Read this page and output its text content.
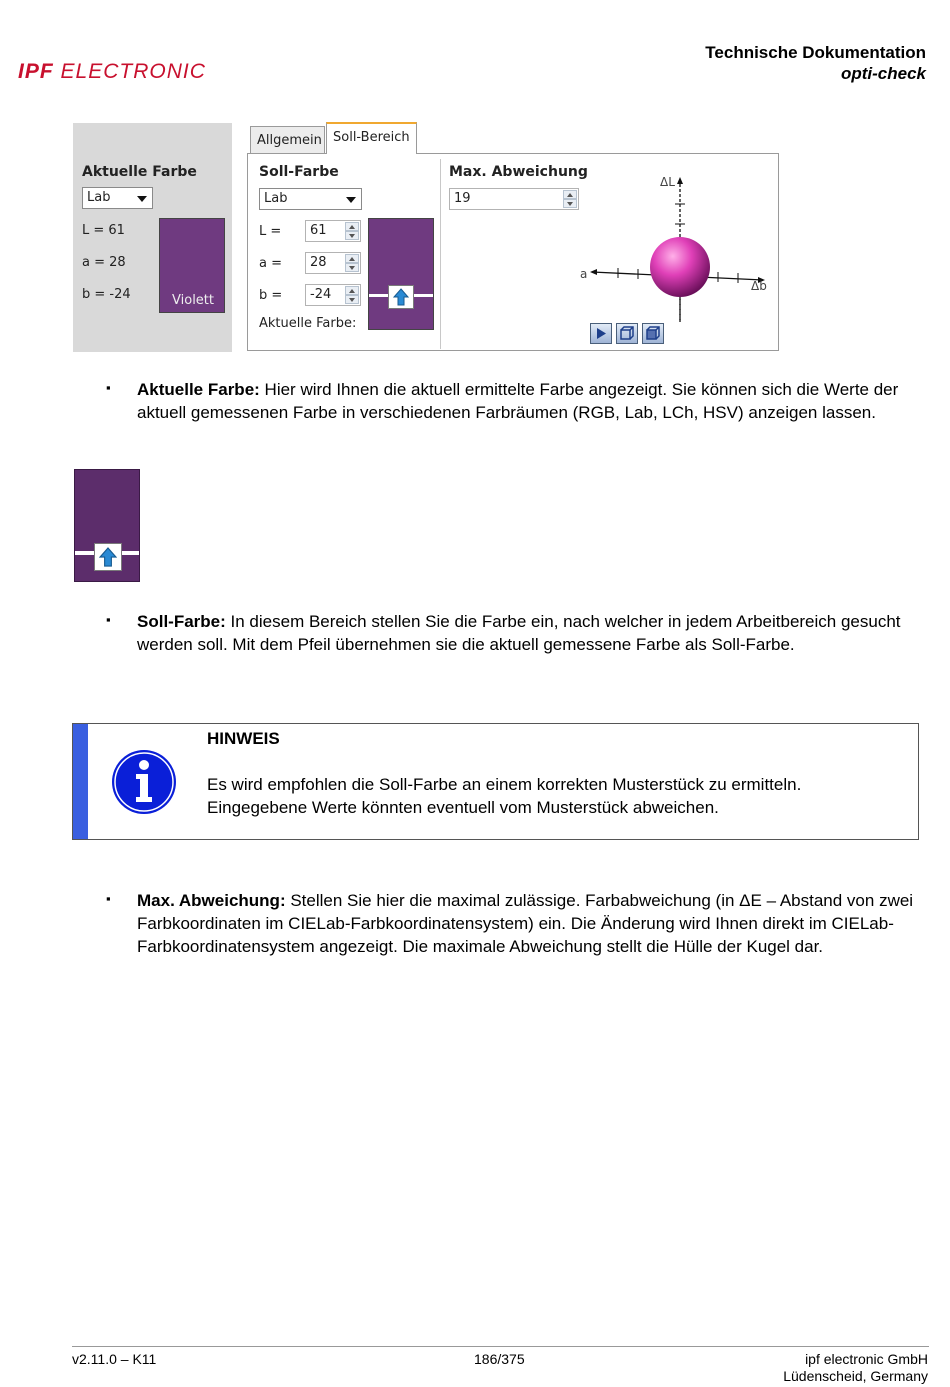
IPF ELECTRONIC
Technische Dokumentation
opti-check
Aktuelle Farbe
Lab
L = 61
a = 28
b = -24	Violett
Allgemein Soll-Bereich
Soll-Farbe
Lab
L =	61
a =	28
b =	-24
Aktuelle Farbe:
Max. Abweichung
19
ΔL
a
Δb
▪ Aktuelle Farbe: Hier wird Ihnen die aktuell ermittelte Farbe angezeigt. Sie können sich die Werte der aktuell gemessenen Farbe in verschiedenen Farbräumen (RGB, Lab, LCh, HSV) anzeigen lassen.
▪ Soll-Farbe: In diesem Bereich stellen Sie die Farbe ein, nach welcher in jedem Arbeitbereich gesucht werden soll. Mit dem Pfeil übernehmen sie die aktuell gemessene Farbe als Soll-Farbe.
HINWEIS
Es wird empfohlen die Soll-Farbe an einem korrekten Musterstück zu ermitteln.
Eingegebene Werte könnten eventuell vom Musterstück abweichen.
▪ Max. Abweichung: Stellen Sie hier die maximal zulässige. Farbabweichung (in ΔE – Abstand von zwei Farbkoordinaten im CIELab-Farbkoordinatensystem) ein. Die Änderung wird Ihnen direkt im CIELab-Farbkoordinatensystem angezeigt. Die maximale Abweichung stellt die Hülle der Kugel dar.
v2.11.0 – K11	186/375	ipf electronic GmbH
Lüdenscheid, Germany
